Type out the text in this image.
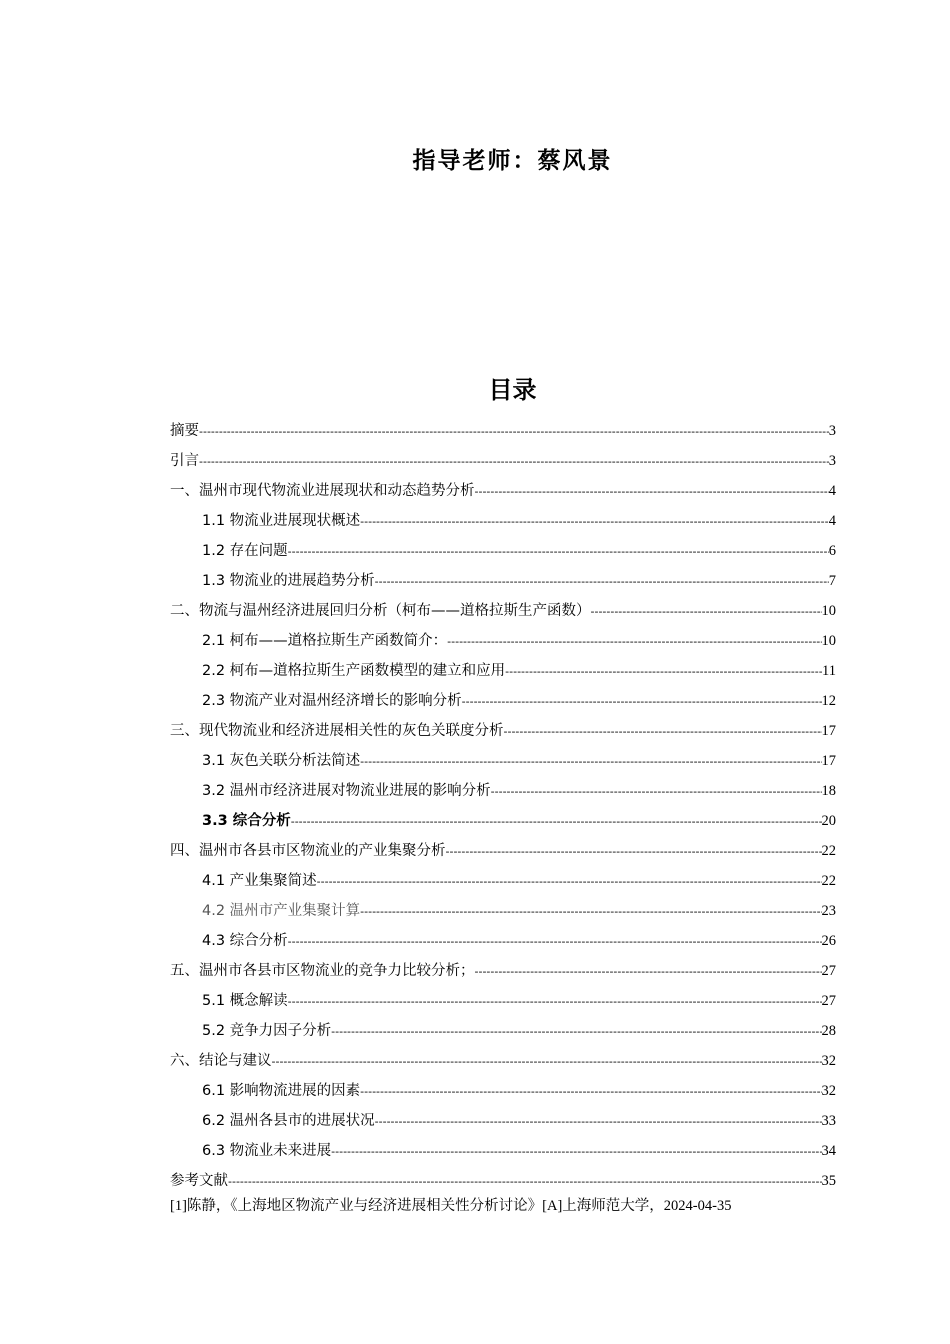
指导老师：蔡风景
目录
摘要 -----	3
引言 -----	3
一、温州市现代物流业进展现状和动态趋势分析 -----	4
1.1 物流业进展现状概述 -----	4
1.2 存在问题 -----	6
1.3 物流业的进展趋势分析 -----	7
二、物流与温州经济进展回归分析（柯布——道格拉斯生产函数） -----	10
2.1 柯布——道格拉斯生产函数简介： -----	10
2.2 柯布—道格拉斯生产函数模型的建立和应用 -----	11
2.3 物流产业对温州经济增长的影响分析 -----	12
三、现代物流业和经济进展相关性的灰色关联度分析 -----	17
3.1 灰色关联分析法简述 -----	17
3.2 温州市经济进展对物流业进展的影响分析 -----	18
3.3 综合分析 -----	20
四、温州市各县市区物流业的产业集聚分析 -----	22
4.1 产业集聚简述 -----	22
4.2 温州市产业集聚计算 -----	23
4.3 综合分析 -----	26
五、温州市各县市区物流业的竞争力比较分析； -----	27
5.1 概念解读 -----	27
5.2 竞争力因子分析 -----	28
六、结论与建议 -----	32
6.1 影响物流进展的因素 -----	32
6.2 温州各县市的进展状况 -----	33
6.3 物流业未来进展 -----	34
参考文献 -----	35
[1]陈静，《上海地区物流产业与经济进展相关性分析讨论》[A]上海师范大学，2024-04-35
